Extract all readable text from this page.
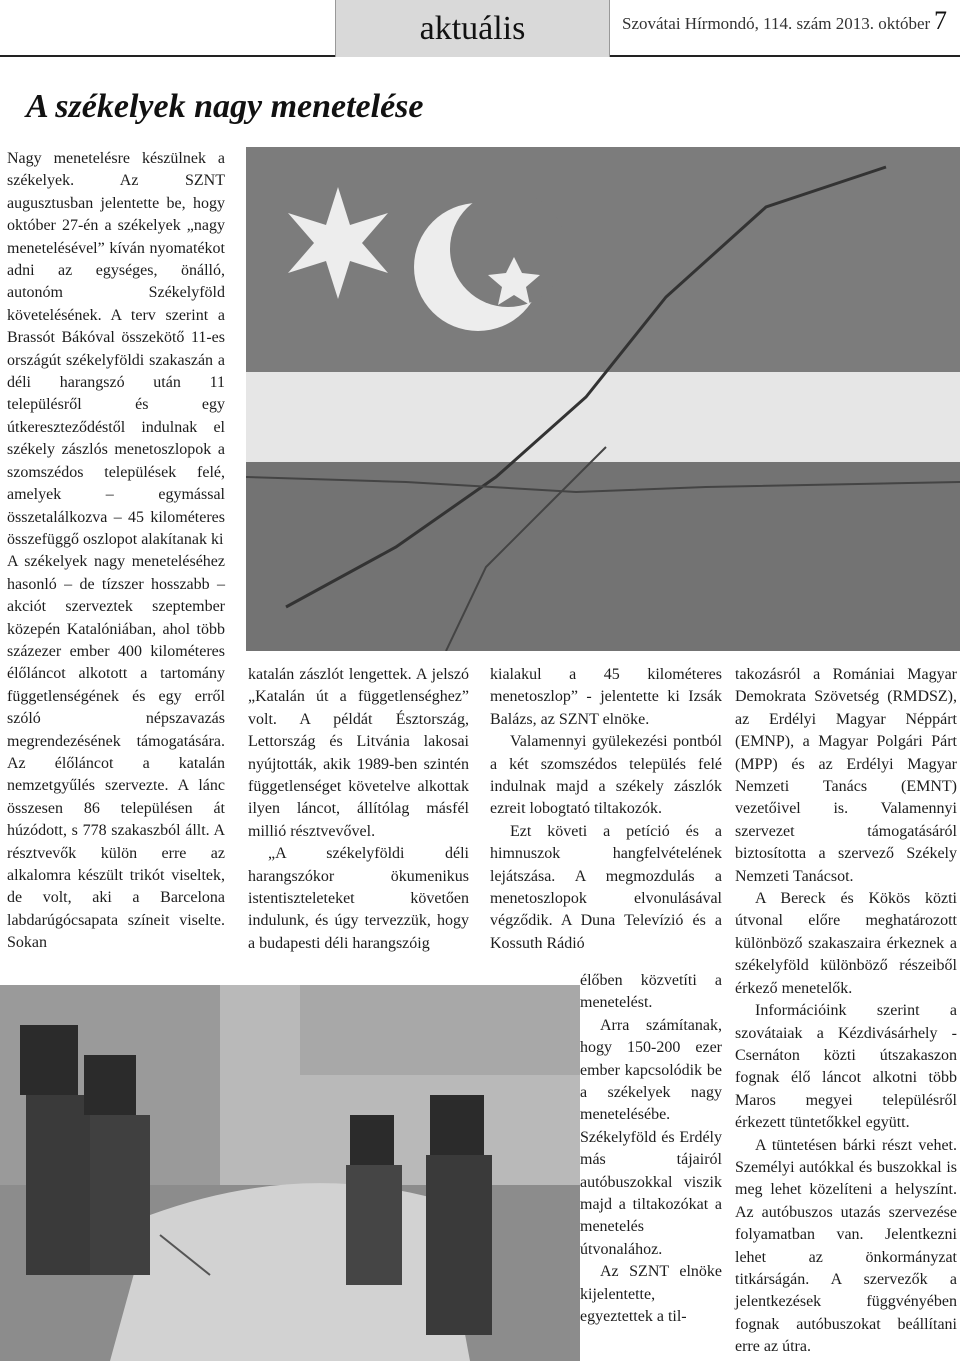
aktuális	Szovátai Hírmondó, 114. szám 2013. október 7
A székelyek nagy menetelése

Nagy menetelésre készülnek a székelyek. Az SZNT augusztusban jelentette be, hogy október 27-én a székelyek „nagy menetelésével” kíván nyomatékot adni az egységes, önálló, autonóm Székelyföld követelésének. A terv szerint a Brassót Bákóval összekötő 11-es országút székelyföldi szakaszán a déli harangszó után 11 településről és egy útkereszteződéstől indulnak el székely zászlós menetoszlopok a szomszédos települések felé, amelyek – egymással összetalálkozva – 45 kilométeres összefüggő oszlopot alakítanak ki

A székelyek nagy meneteléséhez hasonló – de tízszer hosszabb – akciót szerveztek szeptember közepén Katalóniában, ahol több százezer ember 400 kilométeres élőláncot alkotott a tartomány függetlenségének és egy erről szóló népszavazás megrendezésének támogatására. Az élőláncot a katalán nemzetgyűlés szervezte. A lánc összesen 86 településen át húzódott, s 778 szakaszból állt. A résztvevők külön erre az alkalomra készült trikót viseltek, de volt, aki a Barcelona labdarúgócsapata színeit viselte. Sokan

katalán zászlót lengettek. A jelszó „Katalán út a függetlenséghez” volt. A példát Észtország, Lettország és Litvánia lakosai nyújtották, akik 1989-ben szintén függetlenséget követelve alkottak ilyen láncot, állítólag másfél millió résztvevővel.

„A székelyföldi déli harangszókor ökumenikus istentiszteleteket követően indulunk, és úgy tervezzük, hogy a budapesti déli harangszóig

kialakul a 45 kilométeres menetoszlop” - jelentette ki Izsák Balázs, az SZNT elnöke.

Valamennyi gyülekezési pontból a két szomszédos település felé indulnak majd a székely zászlók ezreit lobogtató tiltakozók.

Ezt követi a petíció és a himnuszok hangfelvételének lejátszása. A megmozdulás a menetoszlopok elvonulásával végződik. A Duna Televízió és a Kossuth Rádió

élőben közvetíti a menetelést.

Arra számítanak, hogy 150-200 ezer ember kapcsolódik be a székelyek nagy menetelésébe. Székelyföld és Erdély más tájairól autóbuszokkal viszik majd a tiltakozókat a menetelés útvonalához.

Az SZNT elnöke kijelentette, egyeztettek a til-

takozásról a Romániai Magyar Demokrata Szövetség (RMDSZ), az Erdélyi Magyar Néppárt (EMNP), a Magyar Polgári Párt (MPP) és az Erdélyi Magyar Nemzeti Tanács (EMNT) vezetőivel is. Valamennyi szervezet támogatásáról biztosította a szervező Székely Nemzeti Tanácsot.

A Bereck és Kökös közti útvonal előre meghatározott különböző szakaszaira érkeznek a székelyföld különböző részeiből érkező menetelők.

Információink szerint a szovátaiak a Kézdivásárhely - Csernáton közti útszakaszon fognak élő láncot alkotni több Maros megyei településről érkezett tüntetőkkel együtt.

A tüntetésen bárki részt vehet. Személyi autókkal és buszokkal is meg lehet közelíteni a helyszínt. Az autóbuszos utazás szervezése folyamatban van. Jelentkezni lehet az önkormányzat titkárságán. A szervezők a jelentkezések függvényében fognak autóbuszokat beállítani erre az útra.
